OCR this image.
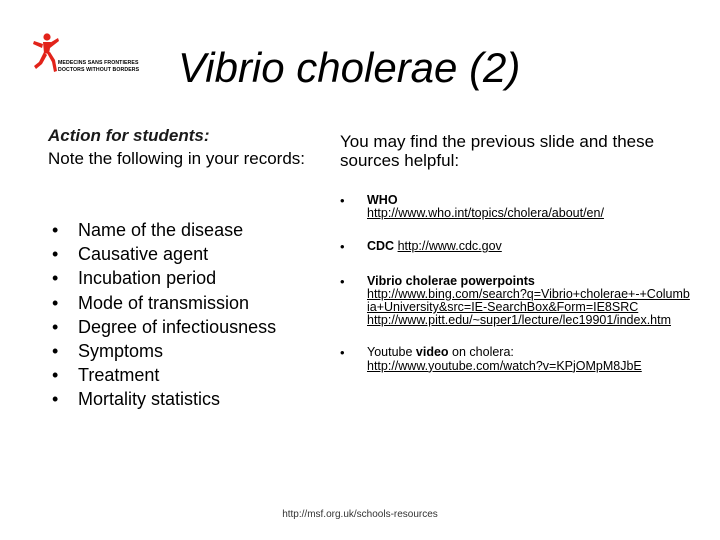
MEDECINS SANS FRONTIERES
DOCTORS WITHOUT BORDERS Vibrio cholerae (2)
Action for students:
Note the following in your records:
• Name of the disease
• Causative agent
• Incubation period
• Mode of transmission
• Degree of infectiousness
• Symptoms
• Treatment
• Mortality statistics
You may find the previous slide and these sources helpful:
• WHO
http://www.who.int/topics/cholera/about/en/
• CDC http://www.cdc.gov
• Vibrio cholerae powerpoints
http://www.bing.com/search?q=Vibrio+cholerae+-+Columbia+University&src=IE-SearchBox&Form=IE8SRC
http://www.pitt.edu/~super1/lecture/lec19901/index.htm
• Youtube video on cholera:
http://www.youtube.com/watch?v=KPjOMpM8JbE
http://msf.org.uk/schools-resources
